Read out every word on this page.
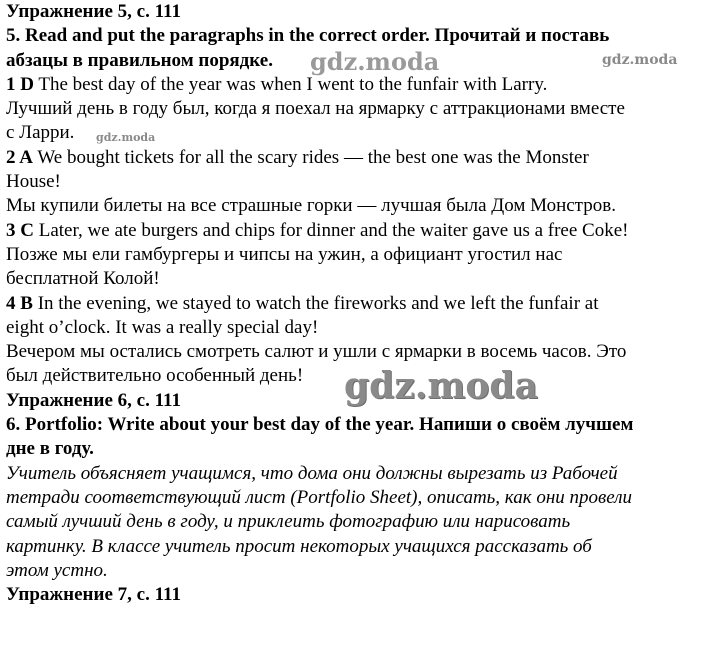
Упражнение 5, с. 111
5. Read and put the paragraphs in the correct order. Прочитай и поставь
абзацы в правильном порядке.
1 D The best day of the year was when I went to the funfair with Larry.
Лучший день в году был, когда я поехал на ярмарку с аттракционами вместе
с Ларри.
2 A We bought tickets for all the scary rides — the best one was the Monster
House!
Мы купили билеты на все страшные горки — лучшая была Дом Монстров.
3 C Later, we ate burgers and chips for dinner and the waiter gave us a free Coke!
Позже мы ели гамбургеры и чипсы на ужин, а официант угостил нас
бесплатной Колой!
4 B In the evening, we stayed to watch the fireworks and we left the funfair at
eight o’clock. It was a really special day!
Вечером мы остались смотреть салют и ушли с ярмарки в восемь часов. Это
был действительно особенный день!
Упражнение 6, с. 111
6. Portfolio: Write about your best day of the year. Напиши о своём лучшем
дне в году.
Учитель объясняет учащимся, что дома они должны вырезать из Рабочей
тетради соответствующий лист (Portfolio Sheet), описать, как они провели
самый лучший день в году, и приклеить фотографию или нарисовать
картинку. В классе учитель просит некоторых учащихся рассказать об
этом устно.
Упражнение 7, с. 111
gdz.moda	gdz.moda
gdz.moda
gdz.moda
